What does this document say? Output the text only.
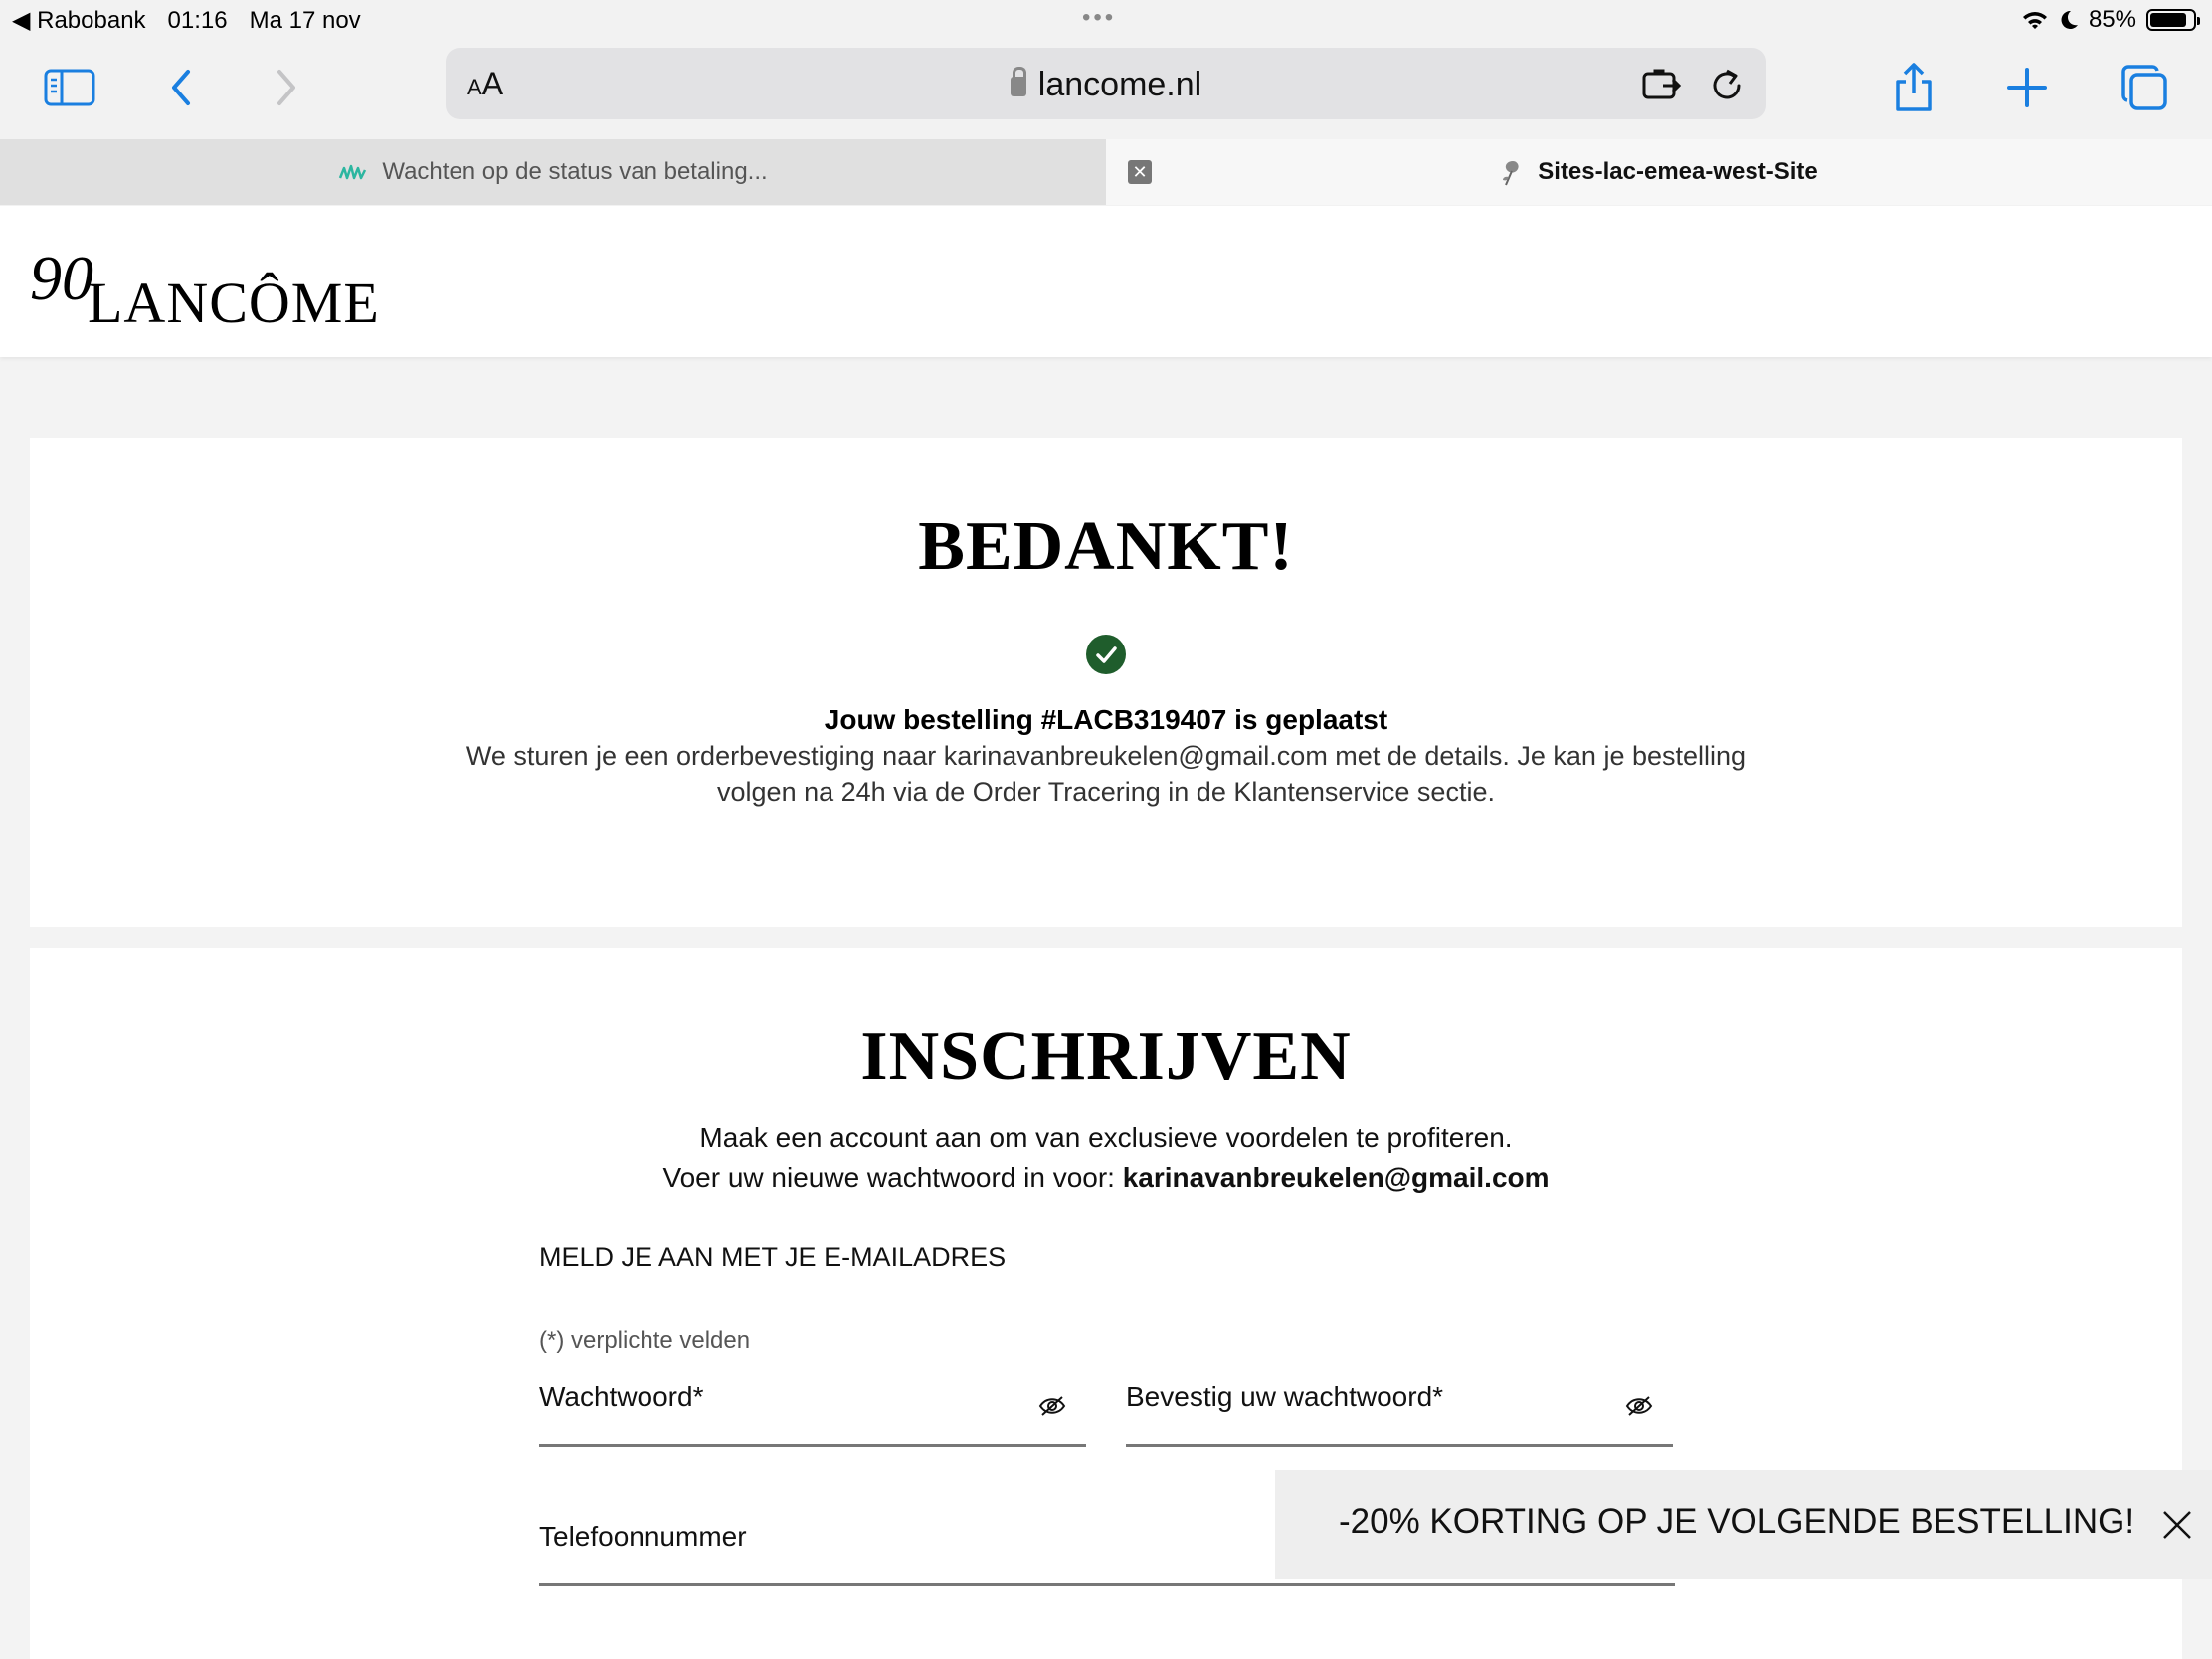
◀ Rabobank 01:16 Ma 17 nov	•••	85%
AA	lancome.nl
Wachten op de status van betaling...	✕	Sites-lac-emea-west-Site
90
LANCÔME
BEDANKT!
Jouw bestelling #LACB319407 is geplaatst
We sturen je een orderbevestiging naar karinavanbreukelen@gmail.com met de details. Je kan je bestelling volgen na 24h via de Order Tracering in de Klantenservice sectie.
INSCHRIJVEN
Maak een account aan om van exclusieve voordelen te profiteren.
Voer uw nieuwe wachtwoord in voor: karinavanbreukelen@gmail.com
MELD JE AAN MET JE E-MAILADRES
(*) verplichte velden
Wachtwoord*	Bevestig uw wachtwoord*
Telefoonnummer	-20% KORTING OP JE VOLGENDE BESTELLING!
